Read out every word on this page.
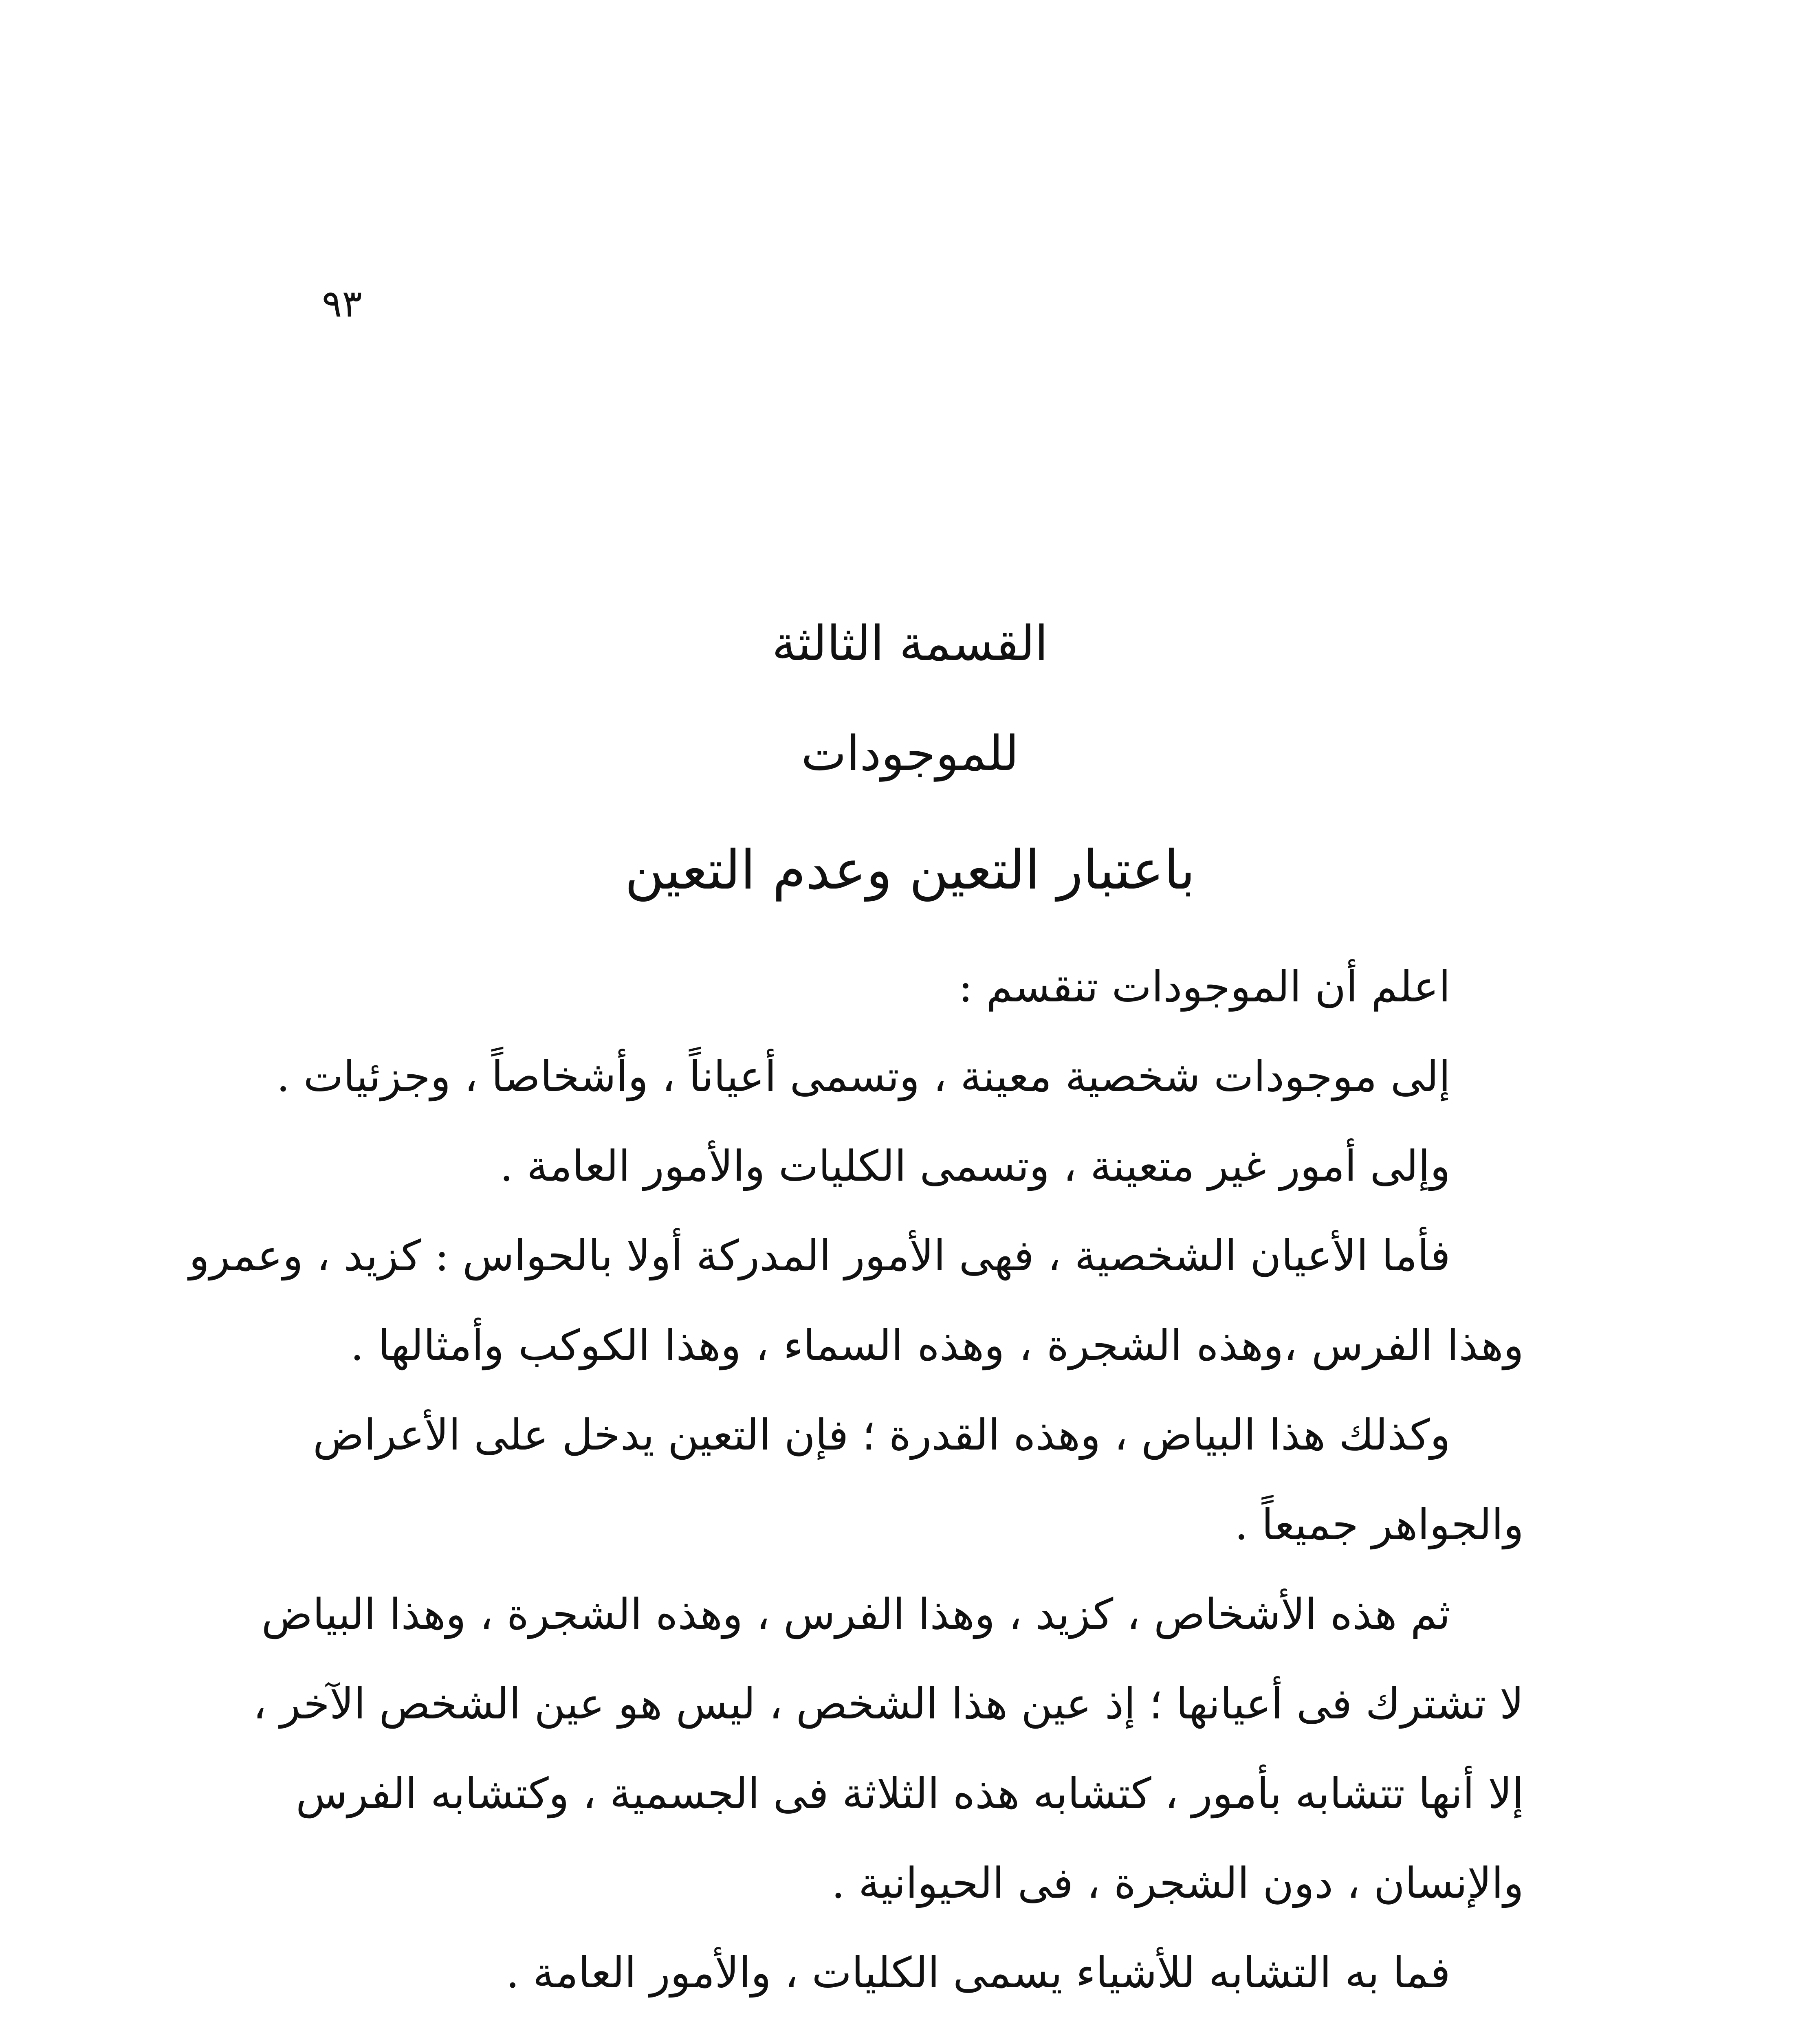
٩٣
القسمة الثالثة
للموجودات
باعتبار التعين وعدم التعين
اعلم أن الموجودات تنقسم :
إلى موجودات شخصية معينة ، وتسمى أعياناً ، وأشخاصاً ، وجزئيات .
وإلى أمور غير متعينة ، وتسمى الكليات والأمور العامة .
فأما الأعيان الشخصية ، فهى الأمور المدركة أولا بالحواس : كزيد ، وعمرو
وهذا الفرس ،وهذه الشجرة ، وهذه السماء ، وهذا الكوكب وأمثالها .
وكذلك هذا البياض ، وهذه القدرة ؛ فإن التعين يدخل على الأعراض
والجواهر جميعاً .
ثم هذه الأشخاص ، كزيد ، وهذا الفرس ، وهذه الشجرة ، وهذا البياض
لا تشترك فى أعيانها ؛ إذ عين هذا الشخص ، ليس هو عين الشخص الآخر ،
إلا أنها تتشابه بأمور ، كتشابه هذه الثلاثة فى الجسمية ، وكتشابه الفرس
والإنسان ، دون الشجرة ، فى الحيوانية .
فما به التشابه للأشياء يسمى الكليات ، والأمور العامة .
